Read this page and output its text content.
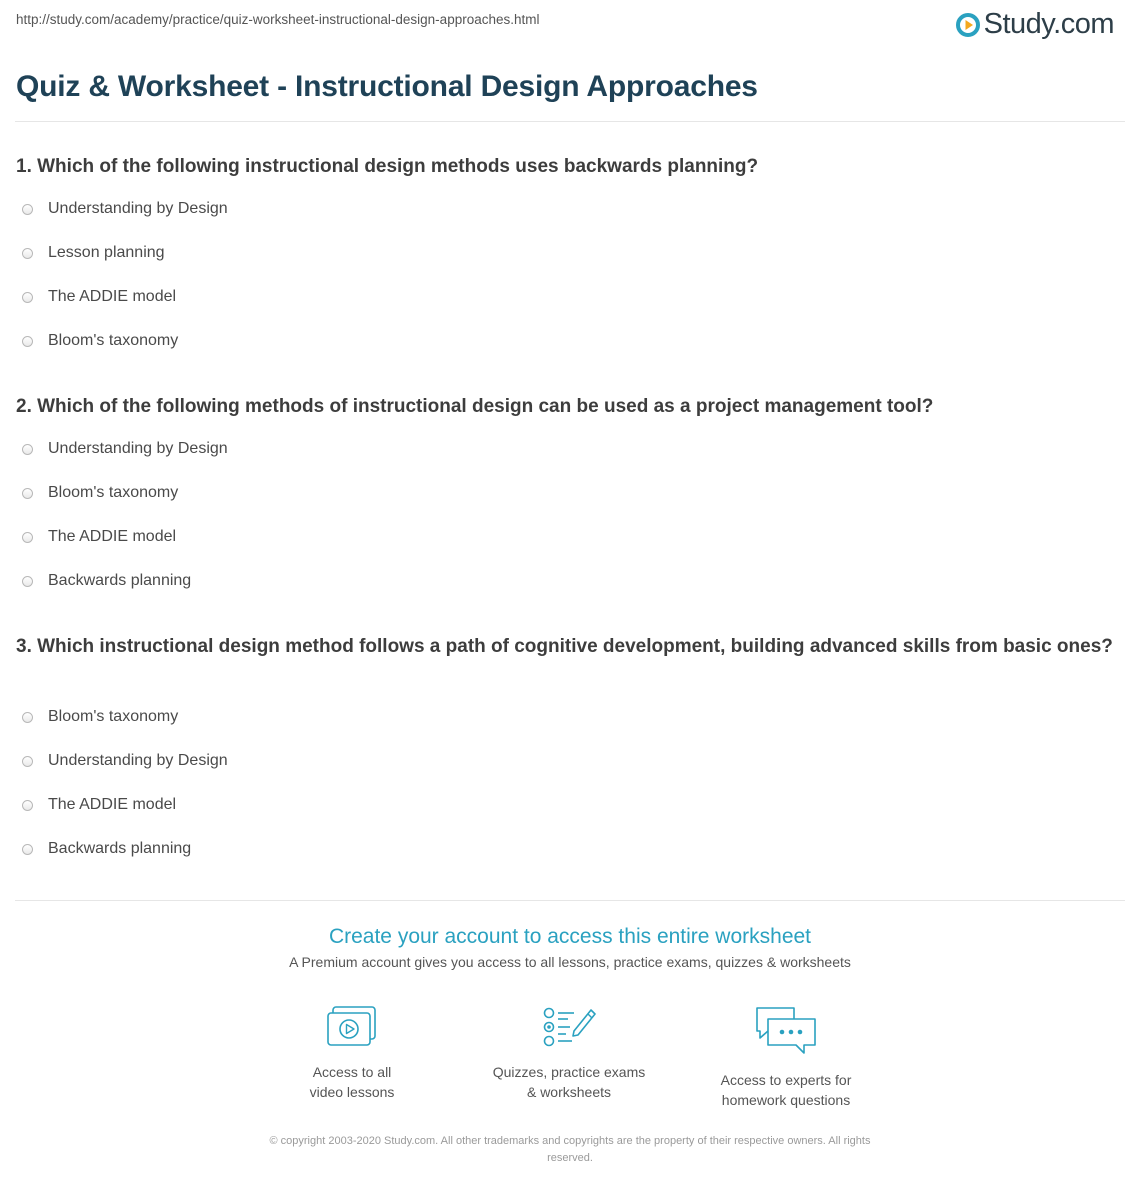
http://study.com/academy/practice/quiz-worksheet-instructional-design-approaches.html	Study.com
Quiz & Worksheet - Instructional Design Approaches
1. Which of the following instructional design methods uses backwards planning?
Understanding by Design
Lesson planning
The ADDIE model
Bloom's taxonomy
2. Which of the following methods of instructional design can be used as a project management tool?
Understanding by Design
Bloom's taxonomy
The ADDIE model
Backwards planning
3. Which instructional design method follows a path of cognitive development, building advanced skills from basic ones?
Bloom's taxonomy
Understanding by Design
The ADDIE model
Backwards planning
Create your account to access this entire worksheet
A Premium account gives you access to all lessons, practice exams, quizzes & worksheets
Access to all
video lessons
Quizzes, practice exams
& worksheets
Access to experts for
homework questions
© copyright 2003-2020 Study.com. All other trademarks and copyrights are the property of their respective owners. All rights
reserved.
